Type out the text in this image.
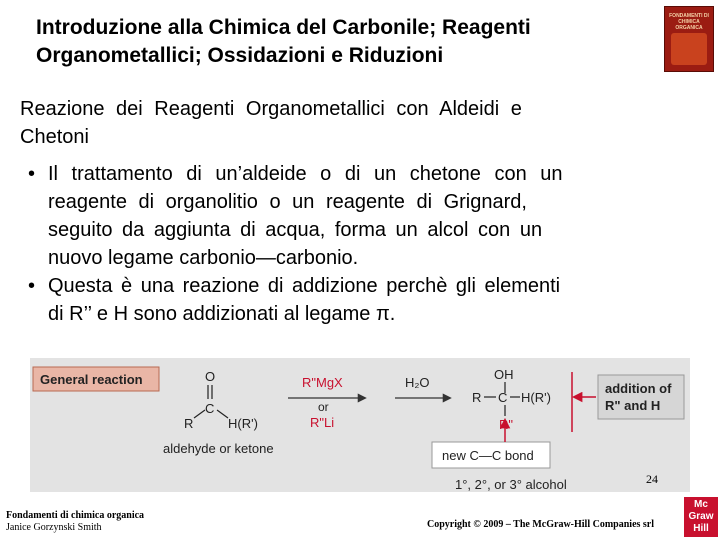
Introduzione alla Chimica del Carbonile; Reagenti
Organometallici; Ossidazioni e Riduzioni
FONDAMENTI DI CHIMICA ORGANICA
Reazione dei Reagenti Organometallici con Aldeidi e
Chetoni
• Il trattamento di un’aldeide o di un chetone con un
reagente di organolitio o un reagente di Grignard,
seguito da aggiunta di acqua, forma un alcol con un
nuovo legame carbonio—carbonio.
• Questa è una reazione di addizione perchè gli elementi
di R’’ e H sono addizionati al legame π.
General reaction	O
C
R	H(R')
aldehyde or ketone
R"MgX
or
R"Li
H₂O
OH
R C H(R')
R"
addition of
R" and H
new C—C bond
1°, 2°, or 3° alcohol	24
Fondamenti di chimica organica
Janice Gorzynski Smith	Copyright © 2009 – The McGraw-Hill Companies srl
Mc
Graw
Hill
